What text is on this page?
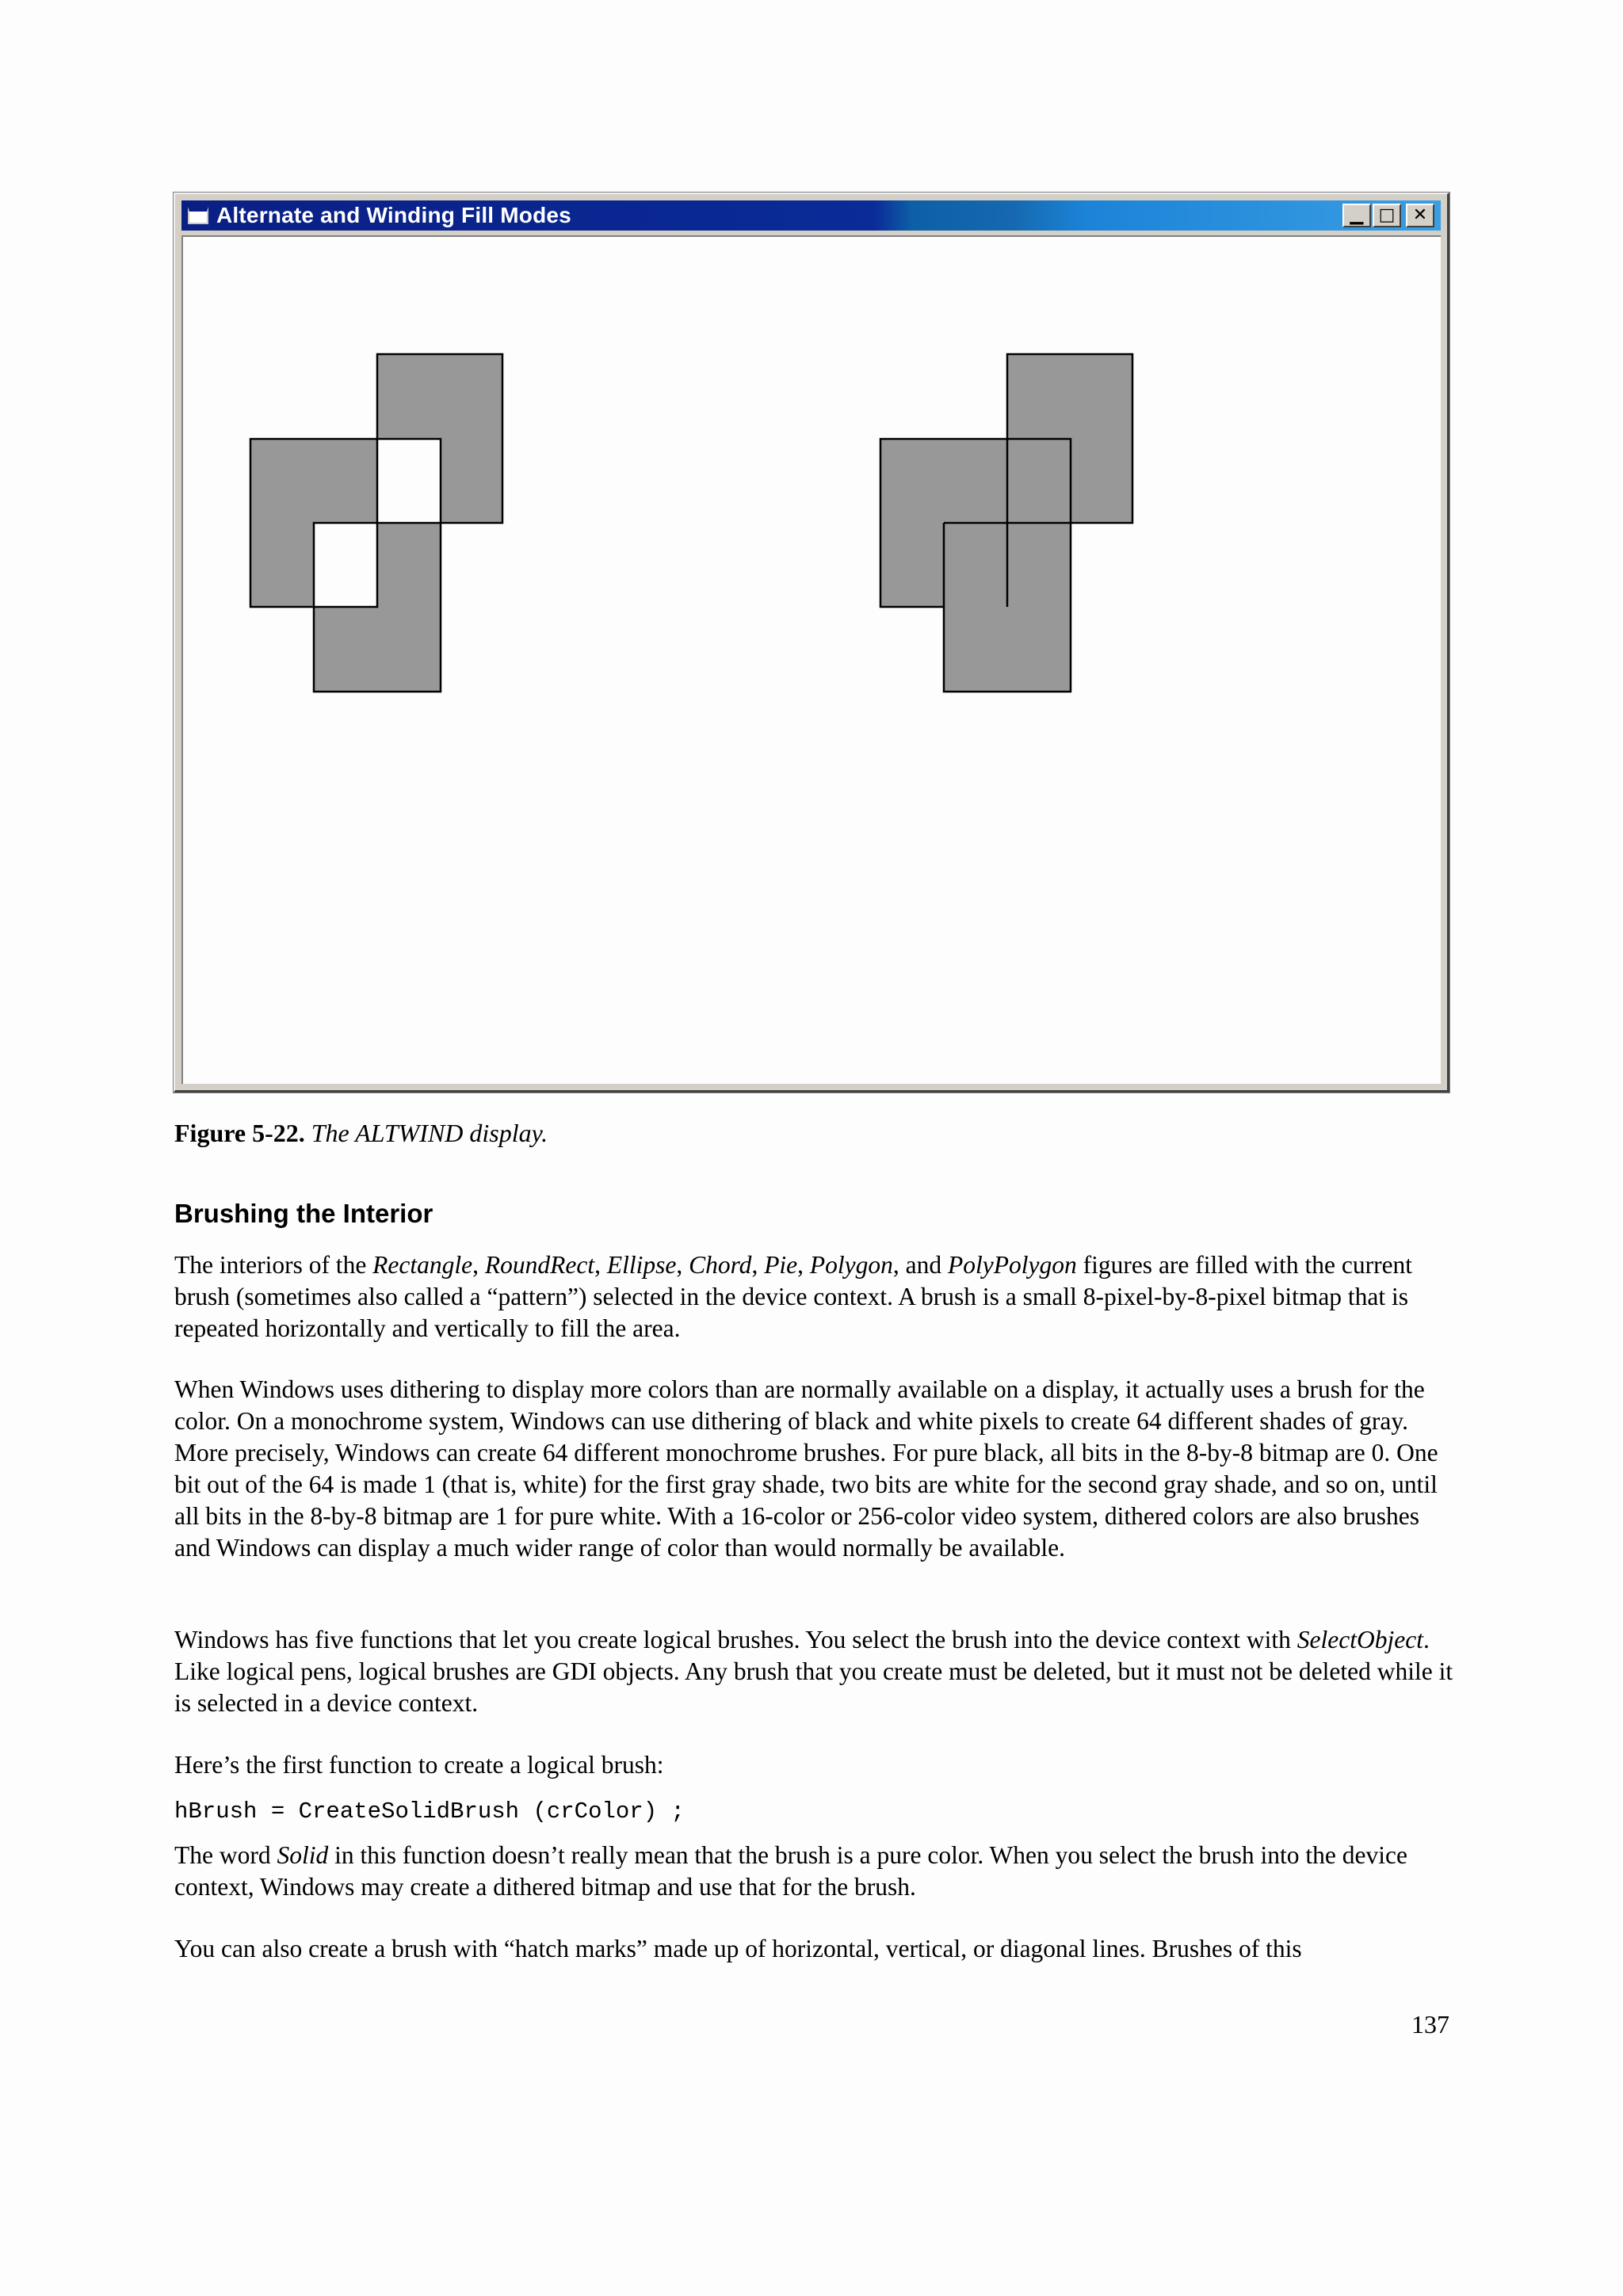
Alternate and Winding Fill Modes	▁ □	✕
Figure 5-22. The ALTWIND display.
Brushing the Interior

The interiors of the Rectangle, RoundRect, Ellipse, Chord, Pie, Polygon, and PolyPolygon figures are filled with the current brush (sometimes also called a “pattern”) selected in the device context. A brush is a small 8-pixel-by-8-pixel bitmap that is repeated horizontally and vertically to fill the area.

When Windows uses dithering to display more colors than are normally available on a display, it actually uses a brush for the color. On a monochrome system, Windows can use dithering of black and white pixels to create 64 different shades of gray. More precisely, Windows can create 64 different monochrome brushes. For pure black, all bits in the 8-by-8 bitmap are 0. One bit out of the 64 is made 1 (that is, white) for the first gray shade, two bits are white for the second gray shade, and so on, until all bits in the 8-by-8 bitmap are 1 for pure white. With a 16-color or 256-color video system, dithered colors are also brushes and Windows can display a much wider range of color than would normally be available.

Windows has five functions that let you create logical brushes. You select the brush into the device context with SelectObject. Like logical pens, logical brushes are GDI objects. Any brush that you create must be deleted, but it must not be deleted while it is selected in a device context.

Here’s the first function to create a logical brush:

hBrush = CreateSolidBrush (crColor) ;

The word Solid in this function doesn’t really mean that the brush is a pure color. When you select the brush into the device context, Windows may create a dithered bitmap and use that for the brush.

You can also create a brush with “hatch marks” made up of horizontal, vertical, or diagonal lines. Brushes of this

137
